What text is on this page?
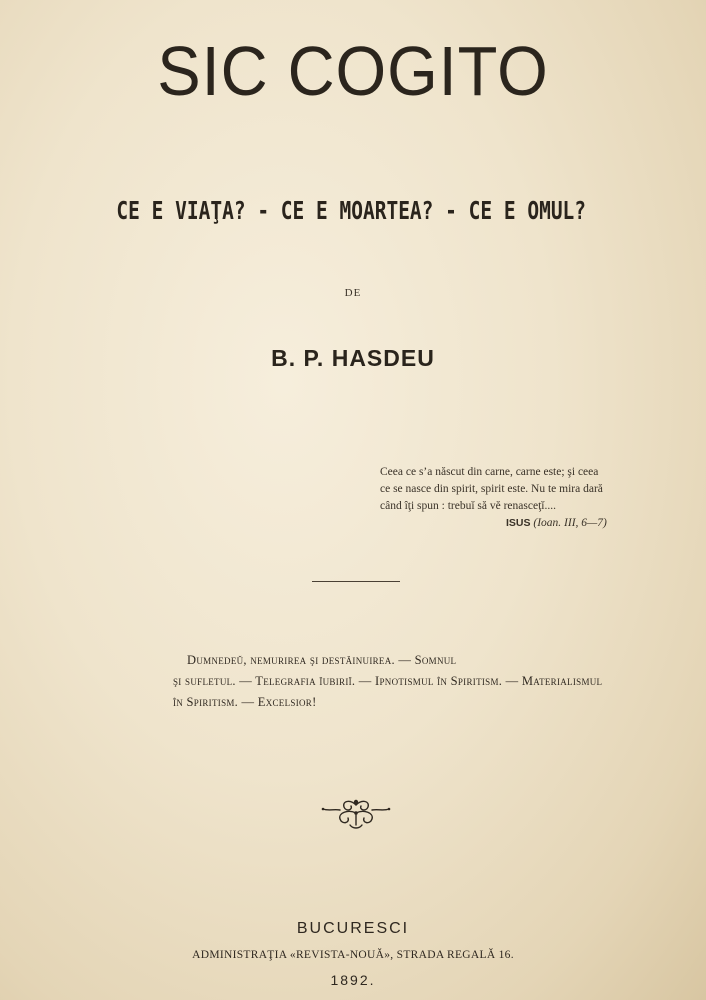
SIC COGITO
CE E VIAŢA? - CE E MOARTEA? - CE E OMUL?
DE
B. P. HASDEU
Ceea ce s’a născut din carne, carne este; şi ceea
ce se nasce din spirit, spirit este. Nu te mira dară
când îţi spun : trebuĭ să vĕ renasceţĭ....
ISUS (Ioan. III, 6—7)
Dumnedeŭ, nemurirea şi destăinuirea. — Somnul
şi sufletul. — Telegrafia ĭubiriĭ. — Ipnotismul în Spiritism. — Materialismul
în Spiritism. — Excelsior!
BUCURESCI
ADMINISTRAŢIA «REVISTA-NOUĂ», STRADA REGALĂ 16.
1892.
